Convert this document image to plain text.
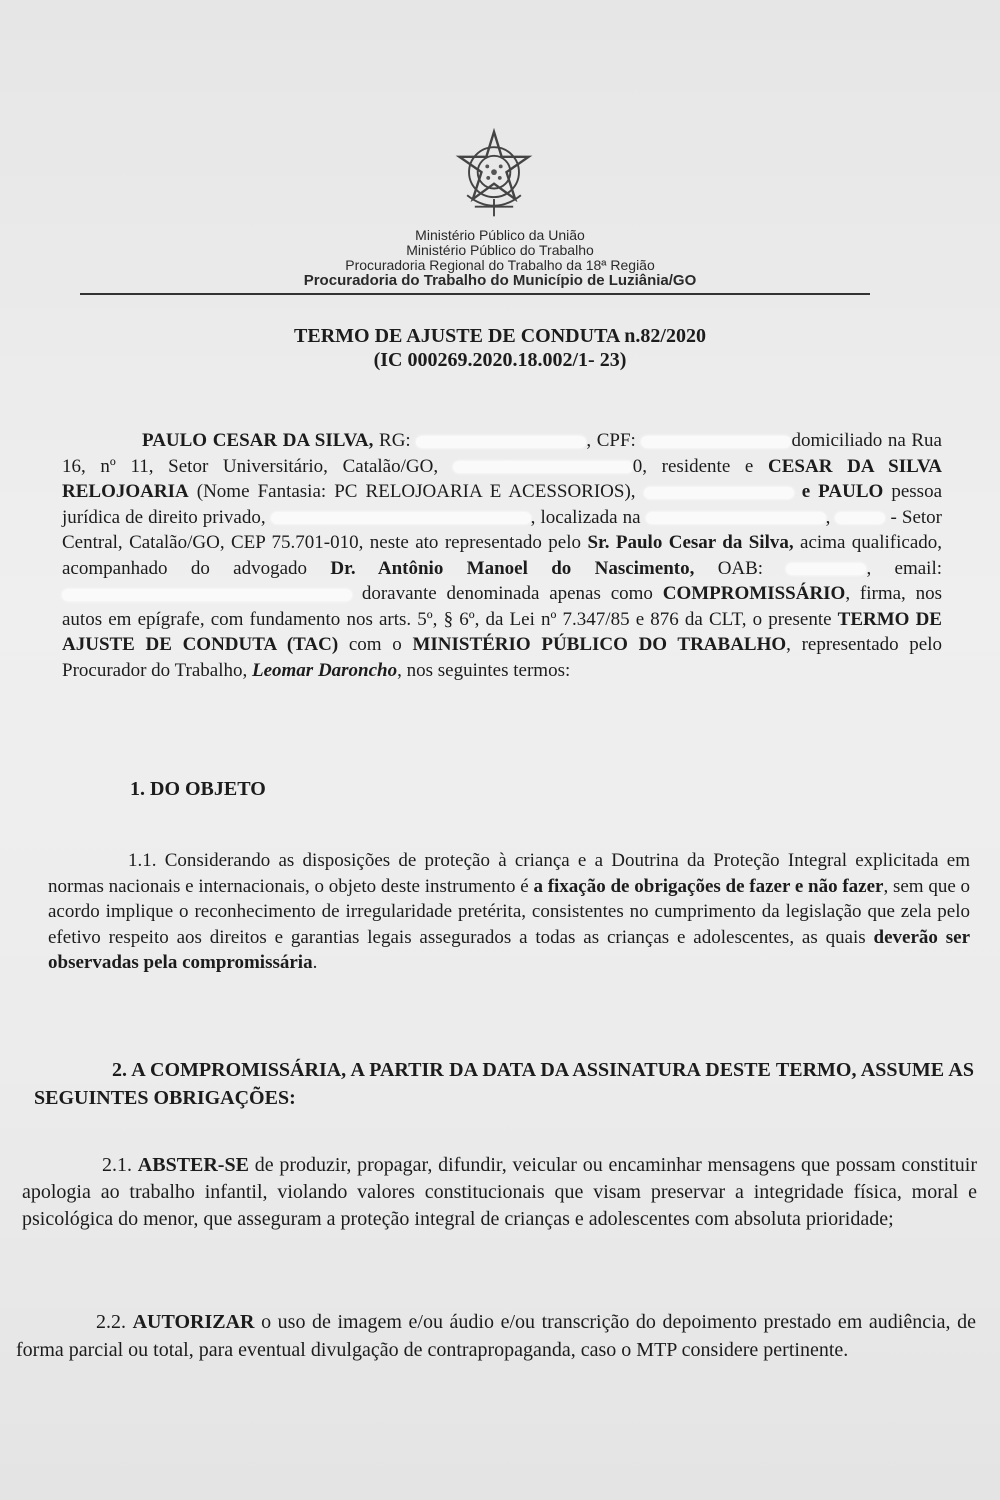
Ministério Público da União
Ministério Público do Trabalho
Procuradoria Regional do Trabalho da 18ª Região
Procuradoria do Trabalho do Município de Luziânia/GO
TERMO DE AJUSTE DE CONDUTA n.82/2020
(IC 000269.2020.18.002/1- 23)

PAULO CESAR DA SILVA, RG:	, CPF:	domiciliado na Rua 16, nº 11, Setor Universitário, Catalão/GO,	0, residente e CESAR DA SILVA RELOJOARIA (Nome Fantasia: PC RELOJOARIA E ACESSORIOS),	e PAULO pessoa jurídica de direito privado,	, localizada na	,	- Setor Central, Catalão/GO, CEP 75.701-010, neste ato representado pelo Sr. Paulo Cesar da Silva, acima qualificado, acompanhado do advogado Dr. Antônio Manoel do Nascimento, OAB:	, email:  doravante denominada apenas como COMPROMISSÁRIO, firma, nos autos em epígrafe, com fundamento nos arts. 5º, § 6º, da Lei nº 7.347/85 e 876 da CLT, o presente TERMO DE AJUSTE DE CONDUTA (TAC) com o MINISTÉRIO PÚBLICO DO TRABALHO, representado pelo Procurador do Trabalho, Leomar Daroncho, nos seguintes termos:

1. DO OBJETO

1.1. Considerando as disposições de proteção à criança e a Doutrina da Proteção Integral explicitada em normas nacionais e internacionais, o objeto deste instrumento é a fixação de obrigações de fazer e não fazer, sem que o acordo implique o reconhecimento de irregularidade pretérita, consistentes no cumprimento da legislação que zela pelo efetivo respeito aos direitos e garantias legais assegurados a todas as crianças e adolescentes, as quais deverão ser observadas pela compromissária.

2. A COMPROMISSÁRIA, A PARTIR DA DATA DA ASSINATURA DESTE TERMO, ASSUME AS SEGUINTES OBRIGAÇÕES:

2.1. ABSTER-SE de produzir, propagar, difundir, veicular ou encaminhar mensagens que possam constituir apologia ao trabalho infantil, violando valores constitucionais que visam preservar a integridade física, moral e psicológica do menor, que asseguram a proteção integral de crianças e adolescentes com absoluta prioridade;

2.2. AUTORIZAR o uso de imagem e/ou áudio e/ou transcrição do depoimento prestado em audiência, de forma parcial ou total, para eventual divulgação de contrapropaganda, caso o MTP considere pertinente.
